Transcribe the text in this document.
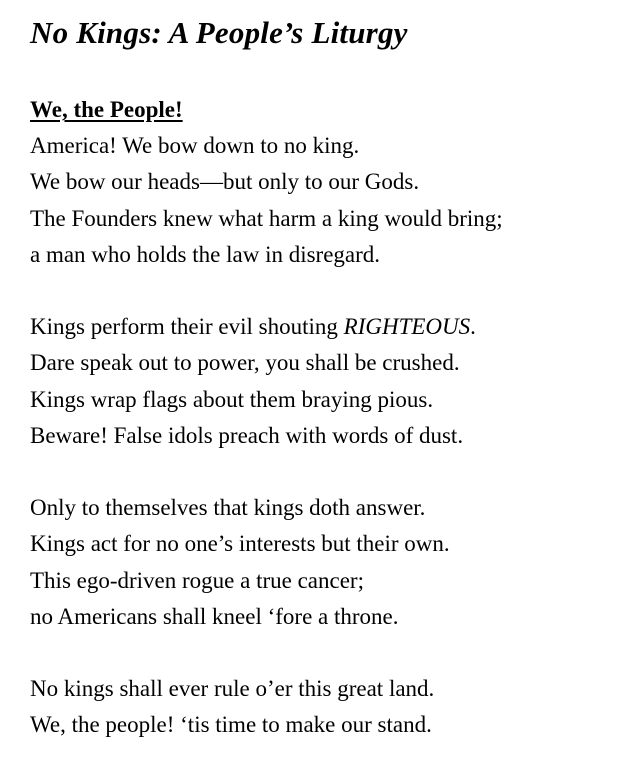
No Kings: A People’s Liturgy
We, the People!
America! We bow down to no king.
We bow our heads—but only to our Gods.
The Founders knew what harm a king would bring;
a man who holds the law in disregard.
Kings perform their evil shouting RIGHTEOUS.
Dare speak out to power, you shall be crushed.
Kings wrap flags about them braying pious.
Beware! False idols preach with words of dust.
Only to themselves that kings doth answer.
Kings act for no one’s interests but their own.
This ego-driven rogue a true cancer;
no Americans shall kneel ‘fore a throne.
No kings shall ever rule o’er this great land.
We, the people! ‘tis time to make our stand.
